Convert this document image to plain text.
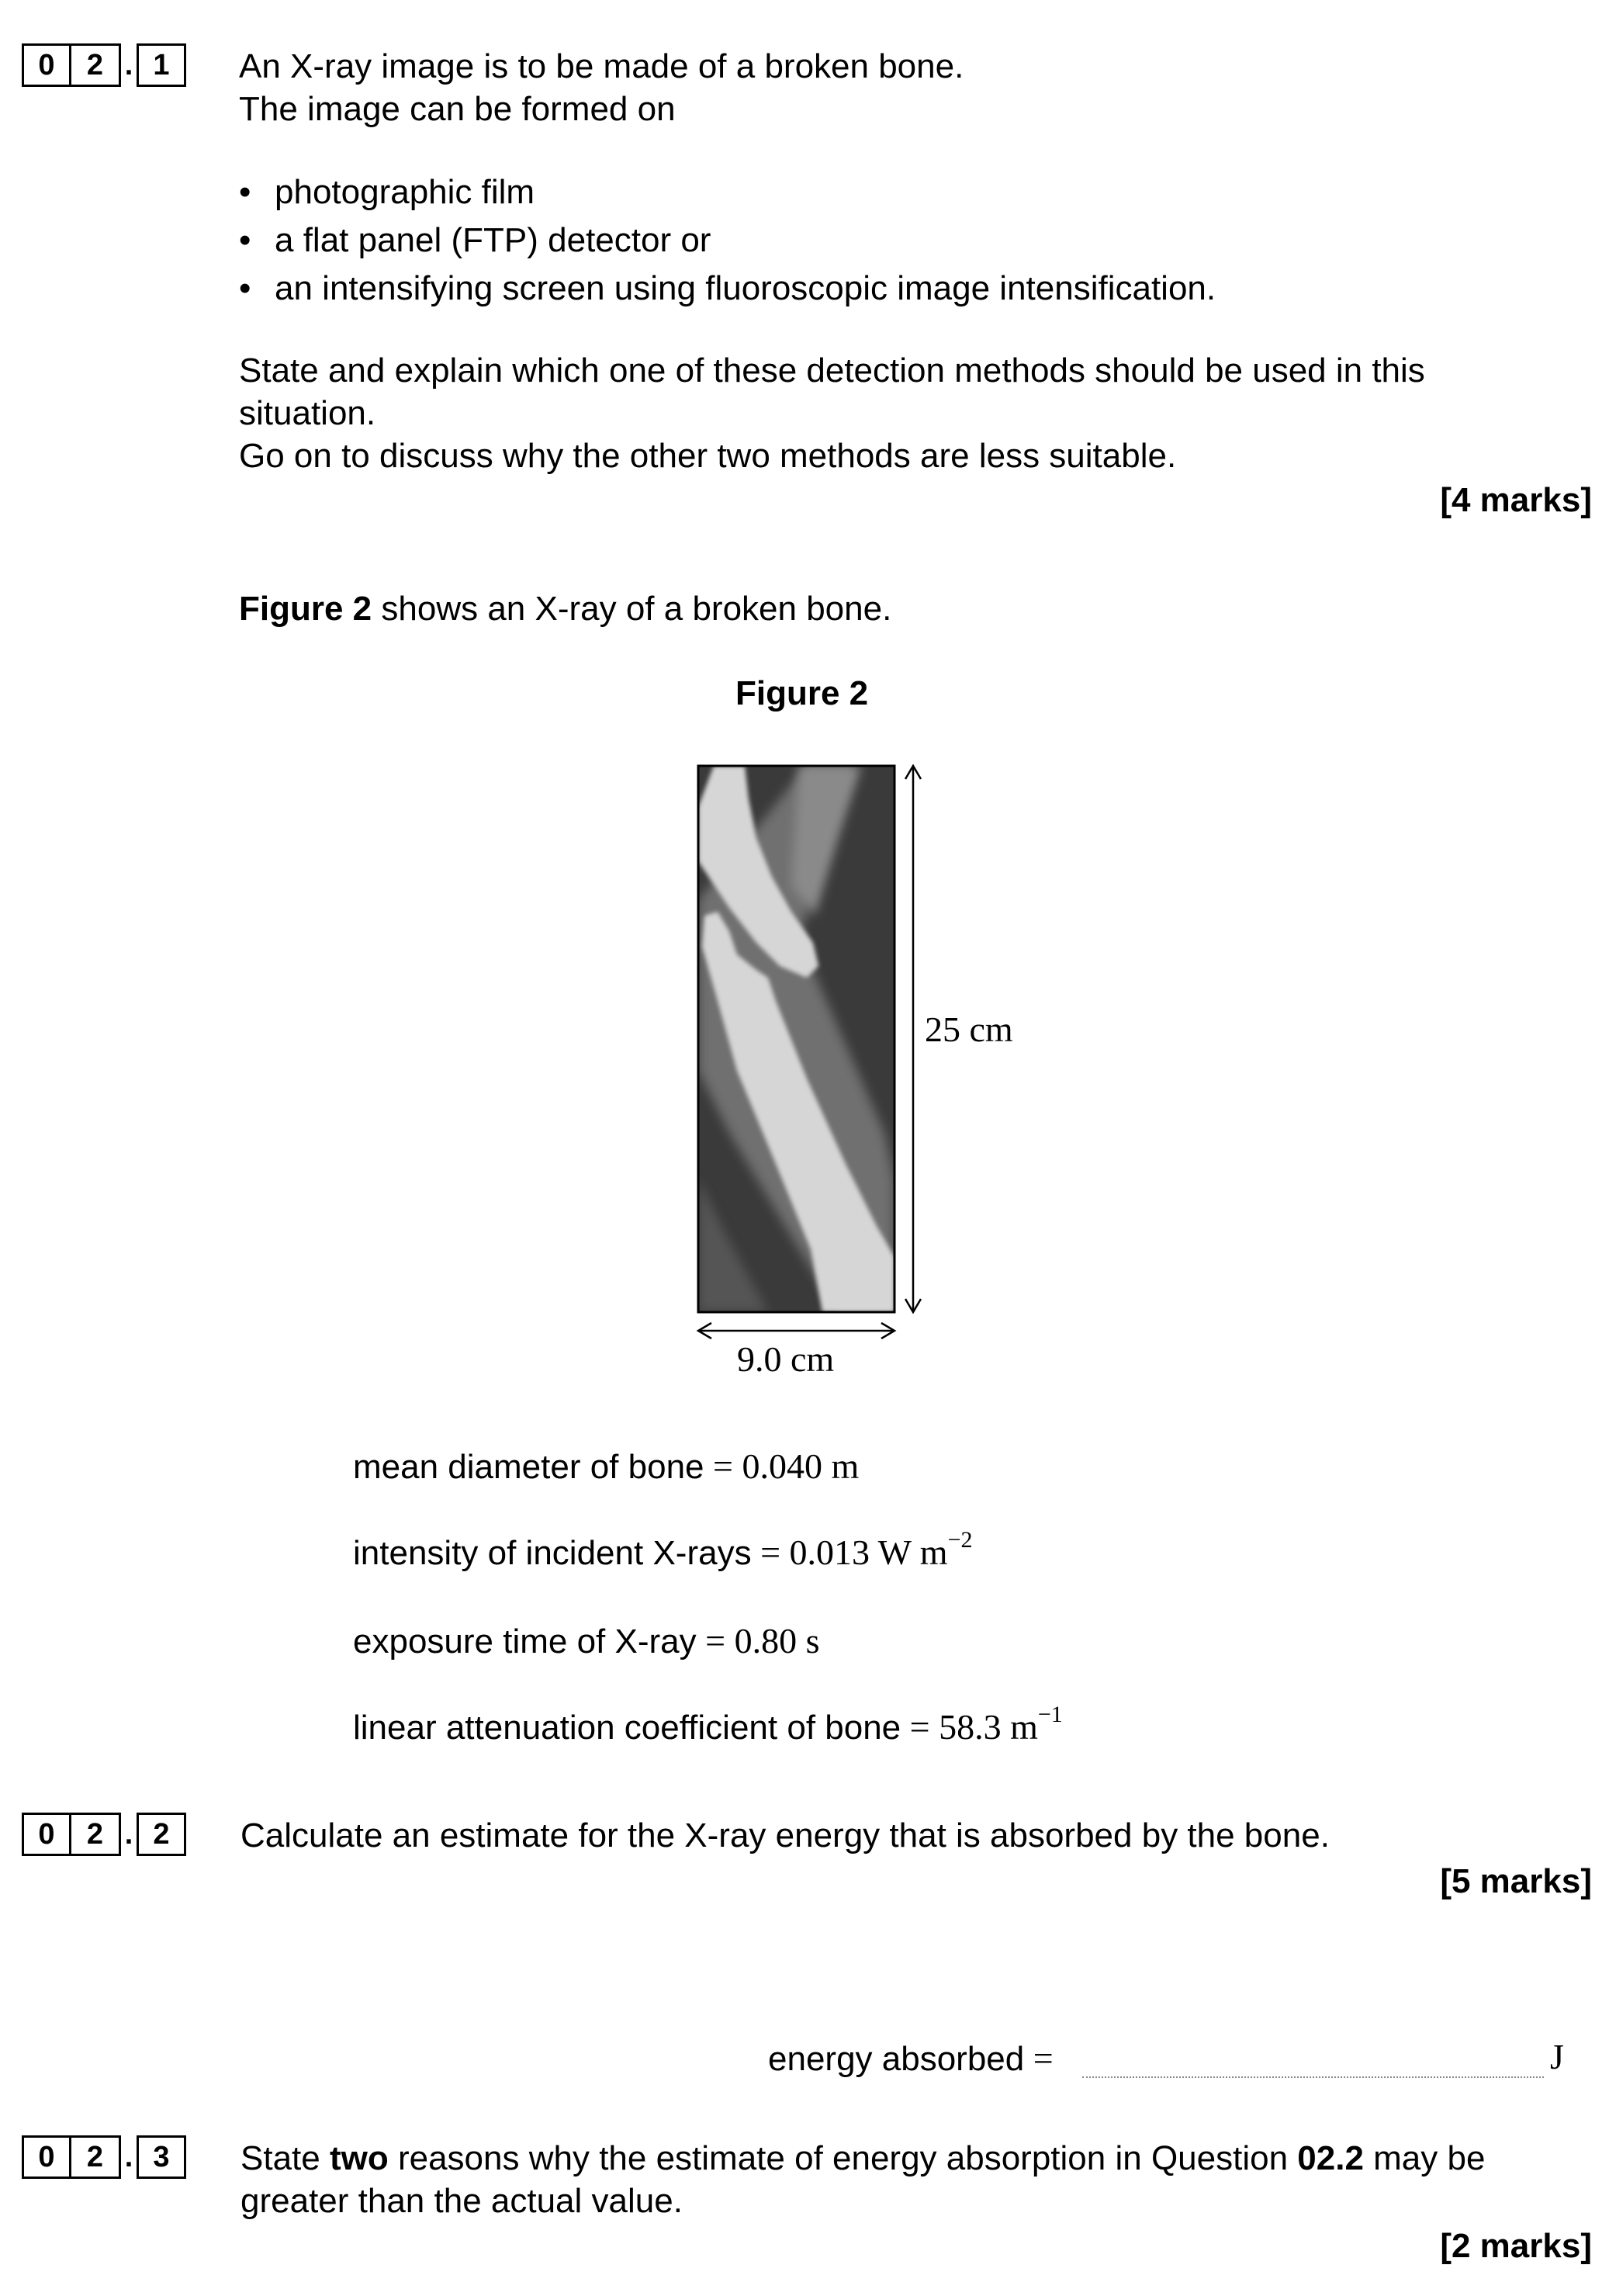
0	2 . 1	An X-ray image is to be made of a broken bone.
The image can be formed on
• photographic film
• a flat panel (FTP) detector or
• an intensifying screen using fluoroscopic image intensification.
State and explain which one of these detection methods should be used in this
situation.
Go on to discuss why the other two methods are less suitable.
[4 marks]
Figure 2 shows an X-ray of a broken bone.
Figure 2
25 cm
9.0 cm
mean diameter of bone = 0.040 m
intensity of incident X-rays = 0.013 W $m^{-2}$
exposure time of X-ray = 0.80 s
linear attenuation coefficient of bone = 58.3 $m^{-1}$
0	2 . 2	Calculate an estimate for the X-ray energy that is absorbed by the bone.
[5 marks]
energy absorbed =	J
0	2 . 3	State two reasons why the estimate of energy absorption in Question 02.2 may be
greater than the actual value.
[2 marks]
